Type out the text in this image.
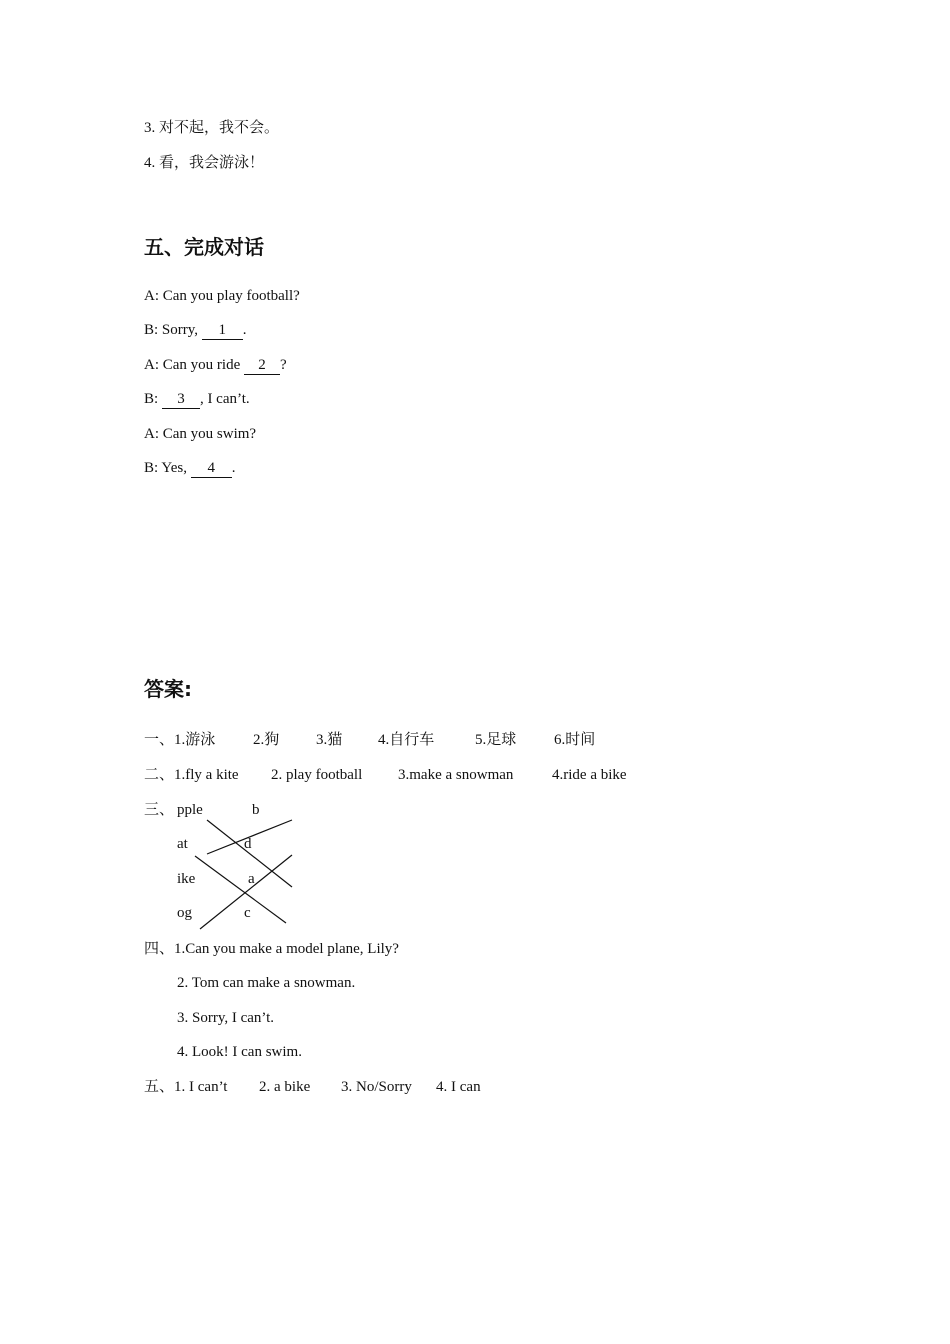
3. 对不起，我不会。
4. 看，我会游泳！
五、完成对话
A: Can you play football?
B: Sorry, 1 .
A: Can you ride 2 ?
B: 3 , I can’t.
A: Can you swim?
B: Yes, 4 .
答案:
一、1.游泳	2.狗 3.猫 4.自行车	5.足球	6.时间
二、1.fly a kite 2. play football 3.make a snowman	4.ride a bike
三、 pple
at
ike
og
b
d
a
c
四、1.Can you make a model plane, Lily?
2. Tom can make a snowman.
3. Sorry, I can’t.
4. Look! I can swim.
五、1. I can’t 2. a bike 3. No/Sorry 4. I can
